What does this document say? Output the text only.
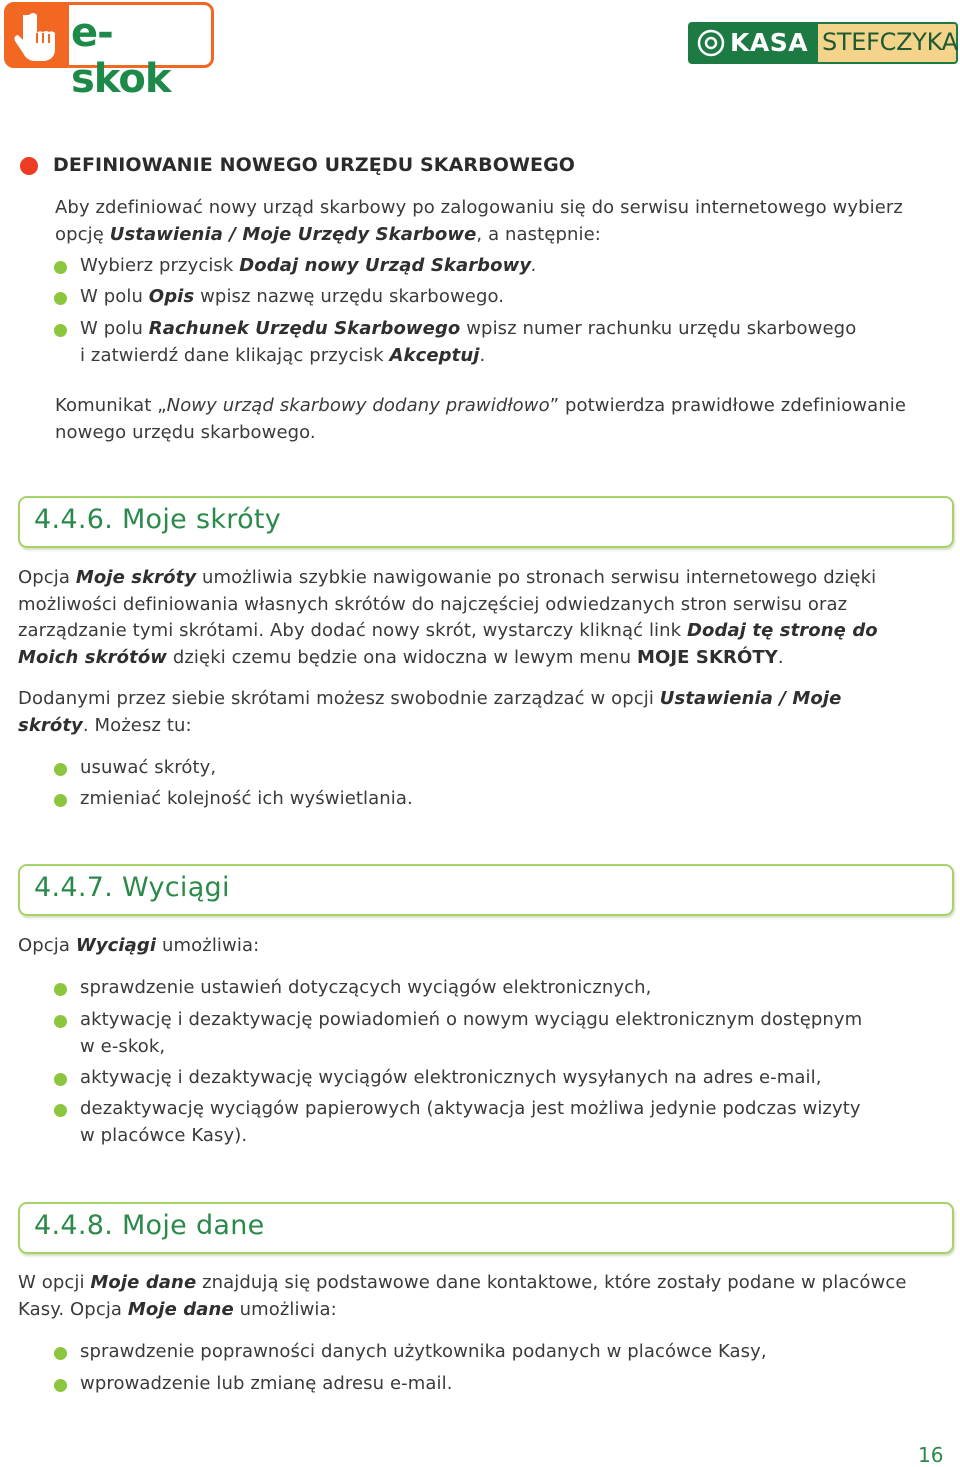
e-skok
KASA STEFCZYKA
DEFINIOWANIE NOWEGO URZĘDU SKARBOWEGO
Aby zdefiniować nowy urząd skarbowy po zalogowaniu się do serwisu internetowego wybierz
opcję Ustawienia / Moje Urzędy Skarbowe, a następnie:
Wybierz przycisk Dodaj nowy Urząd Skarbowy.
W polu Opis wpisz nazwę urzędu skarbowego.
W polu Rachunek Urzędu Skarbowego wpisz numer rachunku urzędu skarbowego
i zatwierdź dane klikając przycisk Akceptuj.
Komunikat „Nowy urząd skarbowy dodany prawidłowo” potwierdza prawidłowe zdefiniowanie
nowego urzędu skarbowego.
4.4.6. Moje skróty
Opcja Moje skróty umożliwia szybkie nawigowanie po stronach serwisu internetowego dzięki
możliwości definiowania własnych skrótów do najczęściej odwiedzanych stron serwisu oraz
zarządzanie tymi skrótami. Aby dodać nowy skrót, wystarczy kliknąć link Dodaj tę stronę do
Moich skrótów dzięki czemu będzie ona widoczna w lewym menu MOJE SKRÓTY.
Dodanymi przez siebie skrótami możesz swobodnie zarządzać w opcji Ustawienia / Moje
skróty. Możesz tu:
usuwać skróty,
zmieniać kolejność ich wyświetlania.
4.4.7. Wyciągi
Opcja Wyciągi umożliwia:
sprawdzenie ustawień dotyczących wyciągów elektronicznych,
aktywację i dezaktywację powiadomień o nowym wyciągu elektronicznym dostępnym
w e-skok,
aktywację i dezaktywację wyciągów elektronicznych wysyłanych na adres e-mail,
dezaktywację wyciągów papierowych (aktywacja jest możliwa jedynie podczas wizyty
w placówce Kasy).
4.4.8. Moje dane
W opcji Moje dane znajdują się podstawowe dane kontaktowe, które zostały podane w placówce
Kasy. Opcja Moje dane umożliwia:
sprawdzenie poprawności danych użytkownika podanych w placówce Kasy,
wprowadzenie lub zmianę adresu e-mail.
16
